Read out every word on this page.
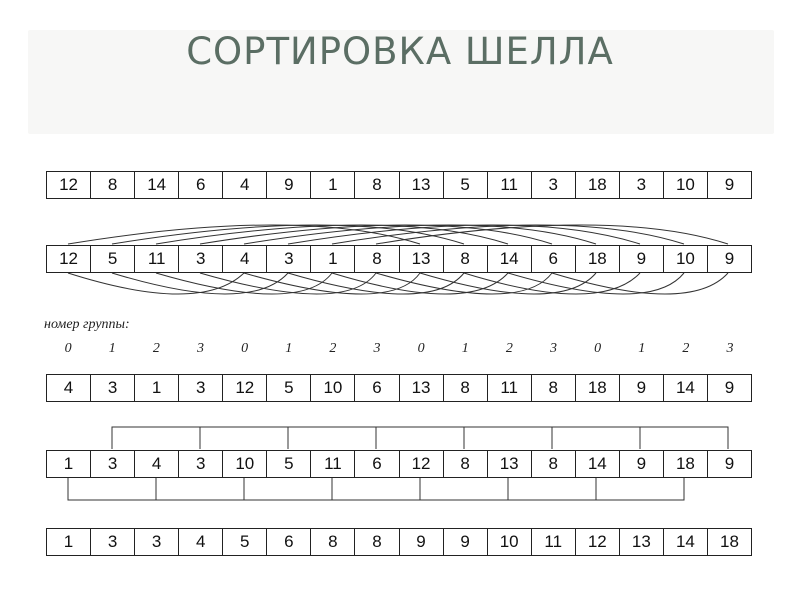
СОРТИРОВКА ШЕЛЛА
12	8	14	6	4	9	1	8	13	5	11	3	18	3	10	9
12	5	11	3	4	3	1	8	13	8	14	6	18	9	10	9
номер группы:
0	1	2	3	0	1	2	3	0	1	2	3	0	1	2	3
4	3	1	3	12	5	10	6	13	8	11	8	18	9	14	9
1	3	4	3	10	5	11	6	12	8	13	8	14	9	18	9
1	3	3	4	5	6	8	8	9	9	10	11	12	13	14	18
